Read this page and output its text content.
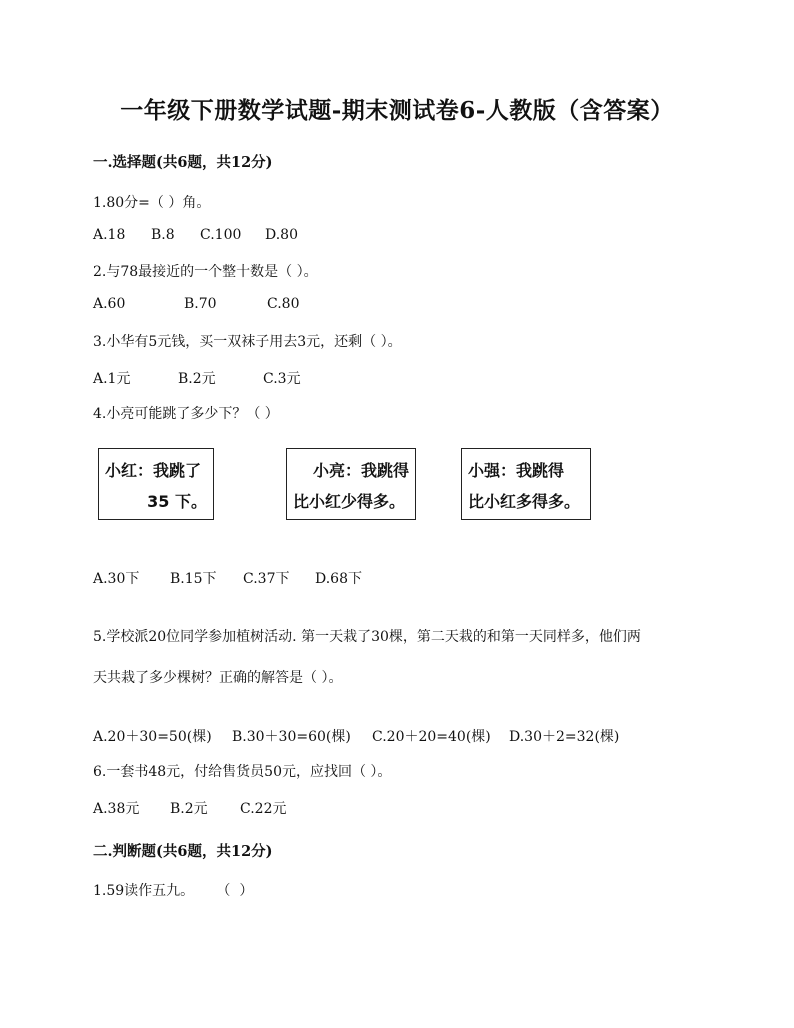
一年级下册数学试题-期末测试卷6-人教版（含答案）
一.选择题(共6题，共12分)
1.80分=（ ）角。
A.18 B.8 C.100 D.80
2.与78最接近的一个整十数是（ ）。
A.60	B.70	C.80
3.小华有5元钱，买一双袜子用去3元，还剩（ ）。
A.1元	B.2元	C.3元
4.小亮可能跳了多少下？（ ）
小红：我跳了
35 下。
小亮：我跳得
比小红少得多。
小强：我跳得
比小红多得多。
A.30下 B.15下 C.37下 D.68下
5.学校派20位同学参加植树活动. 第一天栽了30棵，第二天栽的和第一天同样多，他们两
天共栽了多少棵树？正确的解答是（ ）。
A.20＋30=50(棵) B.30＋30=60(棵) C.20＋20=40(棵) D.30＋2=32(棵)
6.一套书48元，付给售货员50元，应找回（ ）。
A.38元 B.2元 C.22元
二.判断题(共6题，共12分)
1.59读作五九。     （  ）
